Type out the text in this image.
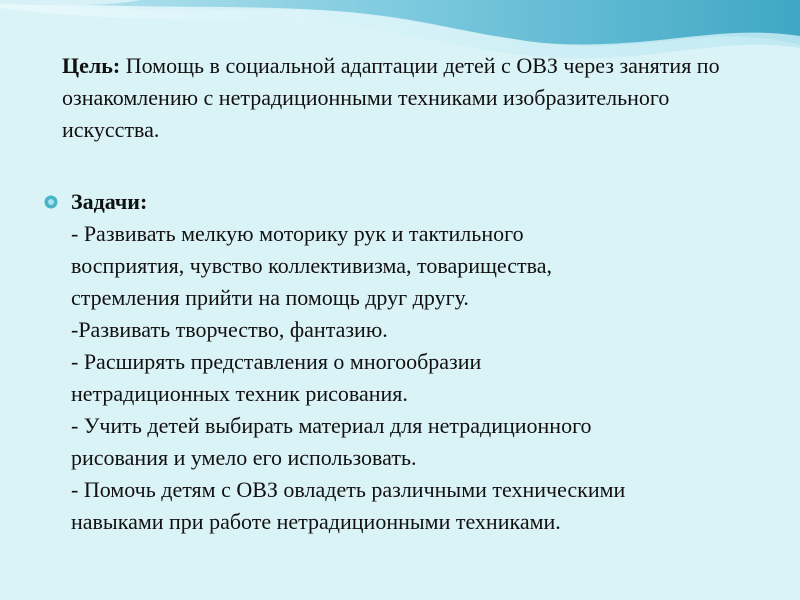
Цель: Помощь в социальной адаптации детей с ОВЗ через занятия по ознакомлению с нетрадиционными техниками изобразительного искусства.
Задачи:
- Развивать мелкую моторику рук и тактильного
восприятия, чувство коллективизма, товарищества,
стремления прийти на помощь друг другу.
-Развивать творчество, фантазию.
- Расширять представления о многообразии
нетрадиционных техник рисования.
- Учить детей выбирать материал для нетрадиционного
рисования и умело его использовать.
- Помочь детям с ОВЗ овладеть различными техническими
навыками при работе нетрадиционными техниками.
